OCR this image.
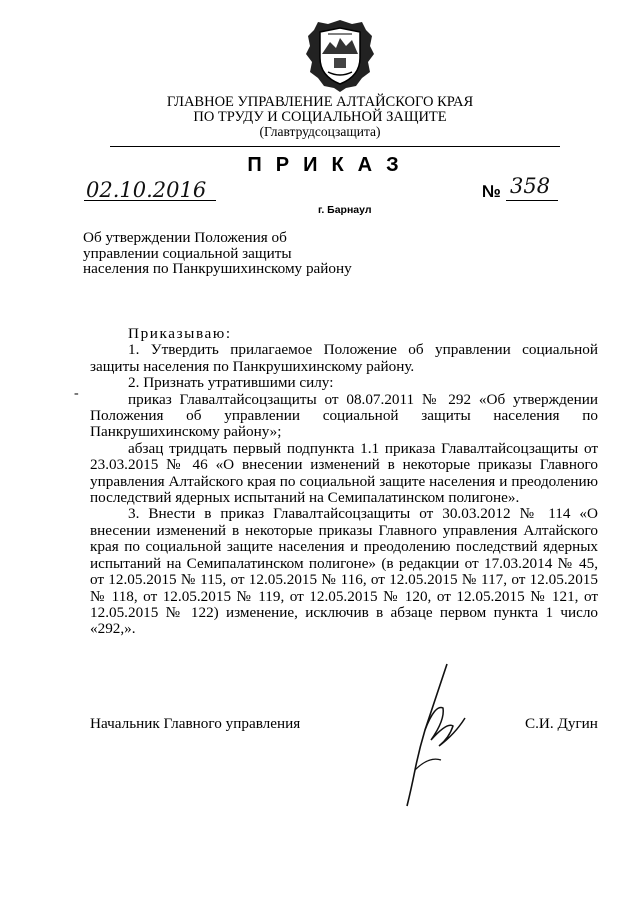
ГЛАВНОЕ УПРАВЛЕНИЕ АЛТАЙСКОГО КРАЯ
ПО ТРУДУ И СОЦИАЛЬНОЙ ЗАЩИТЕ
(Главтрудсоцзащита)
ПРИКАЗ
02.10.2016	№ 358
г. Барнаул
Об утверждении Положения об управлении социальной защиты населения по Панкрушихинскому району
-

Приказываю:

1. Утвердить прилагаемое Положение об управлении социальной защиты населения по Панкрушихинскому району.

2. Признать утратившими силу:

приказ Главалтайсоцзащиты от 08.07.2011 № 292 «Об утверждении Положения об управлении социальной защиты населения по Панкрушихинскому району»;

абзац тридцать первый подпункта 1.1 приказа Главалтайсоцзащиты от 23.03.2015 № 46 «О внесении изменений в некоторые приказы Главного управления Алтайского края по социальной защите населения и преодолению последствий ядерных испытаний на Семипалатинском полигоне».

3. Внести в приказ Главалтайсоцзащиты от 30.03.2012 № 114 «О внесении изменений в некоторые приказы Главного управления Алтайского края по социальной защите населения и преодолению последствий ядерных испытаний на Семипалатинском полигоне» (в редакции от 17.03.2014 № 45, от 12.05.2015 № 115, от 12.05.2015 № 116, от 12.05.2015 № 117, от 12.05.2015 № 118, от 12.05.2015 № 119, от 12.05.2015 № 120, от 12.05.2015 № 121, от 12.05.2015 № 122) изменение, исключив в абзаце первом пункта 1 число «292,».

Начальник Главного управления	С.И. Дугин
